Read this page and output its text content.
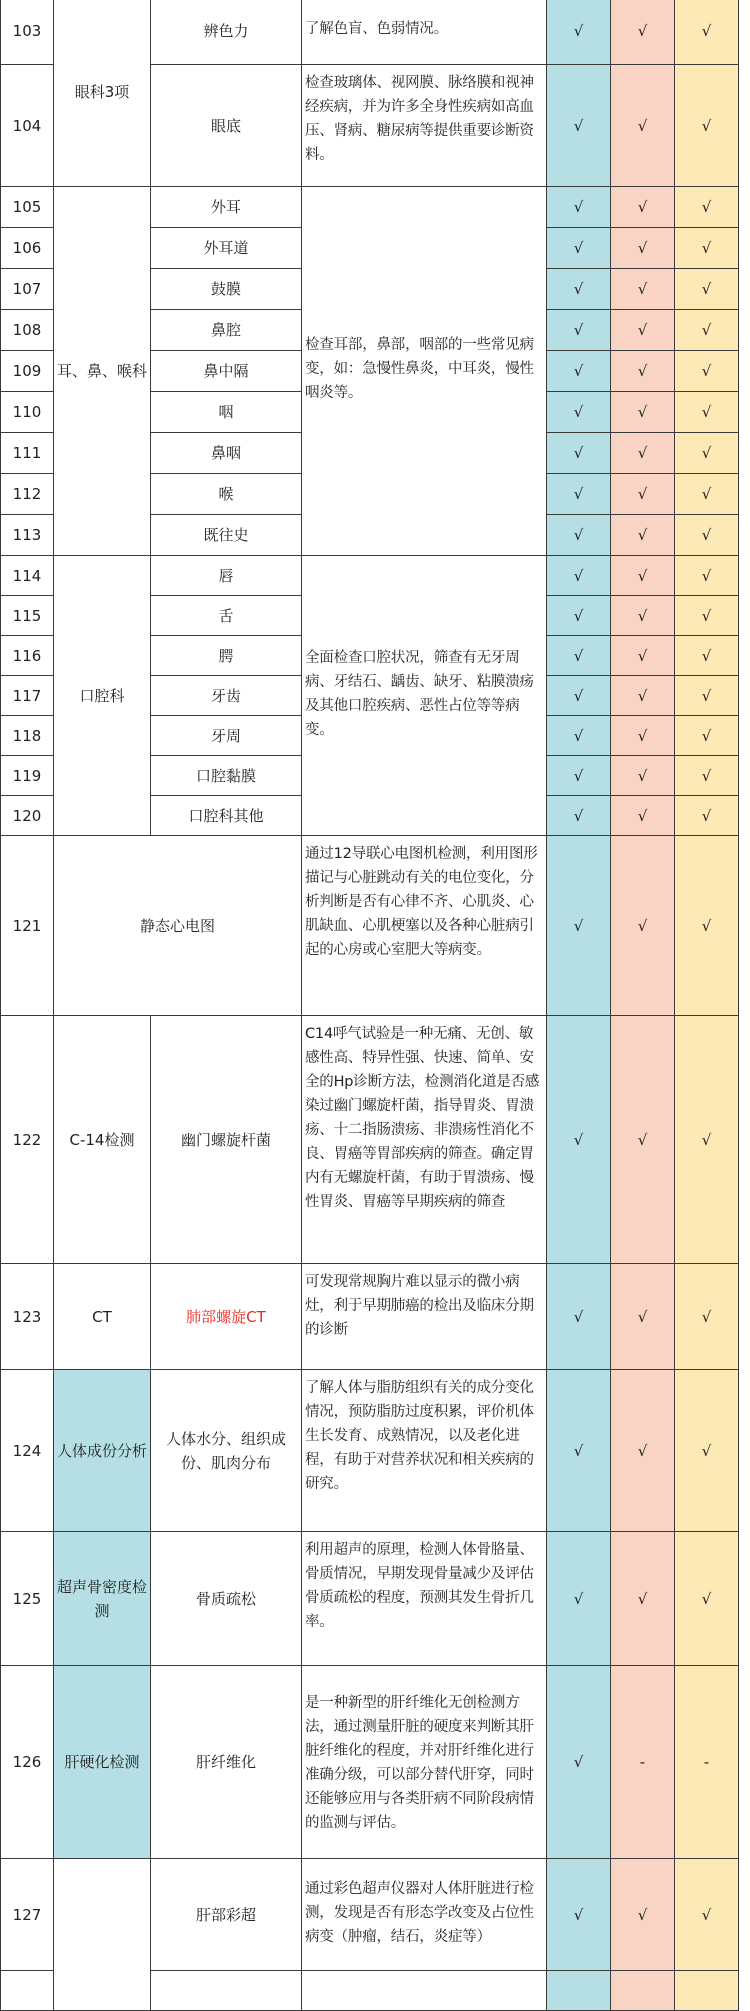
103	眼科3项	辨色力	了解色盲、色弱情况。	√	√	√
104		眼底	检查玻璃体、视网膜、脉络膜和视神经疾病，并为许多全身性疾病如高血压、肾病、糖尿病等提供重要诊断资料。	√	√	√
105	耳、鼻、喉科	外耳	检查耳部，鼻部，咽部的一些常见病变，如：急慢性鼻炎，中耳炎，慢性咽炎等。	√	√	√
106		外耳道		√	√	√
107		鼓膜		√	√	√
108		鼻腔		√	√	√
109		鼻中隔		√	√	√
110		咽		√	√	√
111		鼻咽		√	√	√
112		喉		√	√	√
113		既往史		√	√	√
114	口腔科	唇	全面检查口腔状况，筛查有无牙周病、牙结石、龋齿、缺牙、粘膜溃疡及其他口腔疾病、恶性占位等等病变。	√	√	√
115		舌		√	√	√
116		腭		√	√	√
117		牙齿		√	√	√
118		牙周		√	√	√
119		口腔黏膜		√	√	√
120		口腔科其他		√	√	√
121	静态心电图		通过12导联心电图机检测，利用图形描记与心脏跳动有关的电位变化，分析判断是否有心律不齐、心肌炎、心肌缺血、心肌梗塞以及各种心脏病引起的心房或心室肥大等病变。	√	√	√
122	C-14检测	幽门螺旋杆菌	C14呼气试验是一种无痛、无创、敏感性高、特异性强、快速、简单、安全的Hp诊断方法，检测消化道是否感染过幽门螺旋杆菌，指导胃炎、胃溃疡、十二指肠溃疡、非溃疡性消化不良、胃癌等胃部疾病的筛查。确定胃内有无螺旋杆菌，有助于胃溃疡、慢性胃炎、胃癌等早期疾病的筛查	√	√	√
123	CT	肺部螺旋CT	可发现常规胸片难以显示的微小病灶，利于早期肺癌的检出及临床分期的诊断	√	√	√
124	人体成份分析	人体水分、组织成份、肌肉分布	了解人体与脂肪组织有关的成分变化情况，预防脂肪过度积累，评价机体生长发育、成熟情况，以及老化进程，有助于对营养状况和相关疾病的研究。	√	√	√
125	超声骨密度检测	骨质疏松	利用超声的原理，检测人体骨胳量、骨质情况，早期发现骨量减少及评估骨质疏松的程度，预测其发生骨折几率。	√	√	√
126	肝硬化检测	肝纤维化	是一种新型的肝纤维化无创检测方法，通过测量肝脏的硬度来判断其肝脏纤维化的程度，并对肝纤维化进行准确分级，可以部分替代肝穿，同时还能够应用与各类肝病不同阶段病情的监测与评估。	√	-	-
127		肝部彩超	通过彩色超声仪器对人体肝脏进行检测，发现是否有形态学改变及占位性病变（肿瘤，结石，炎症等）	√	√	√
